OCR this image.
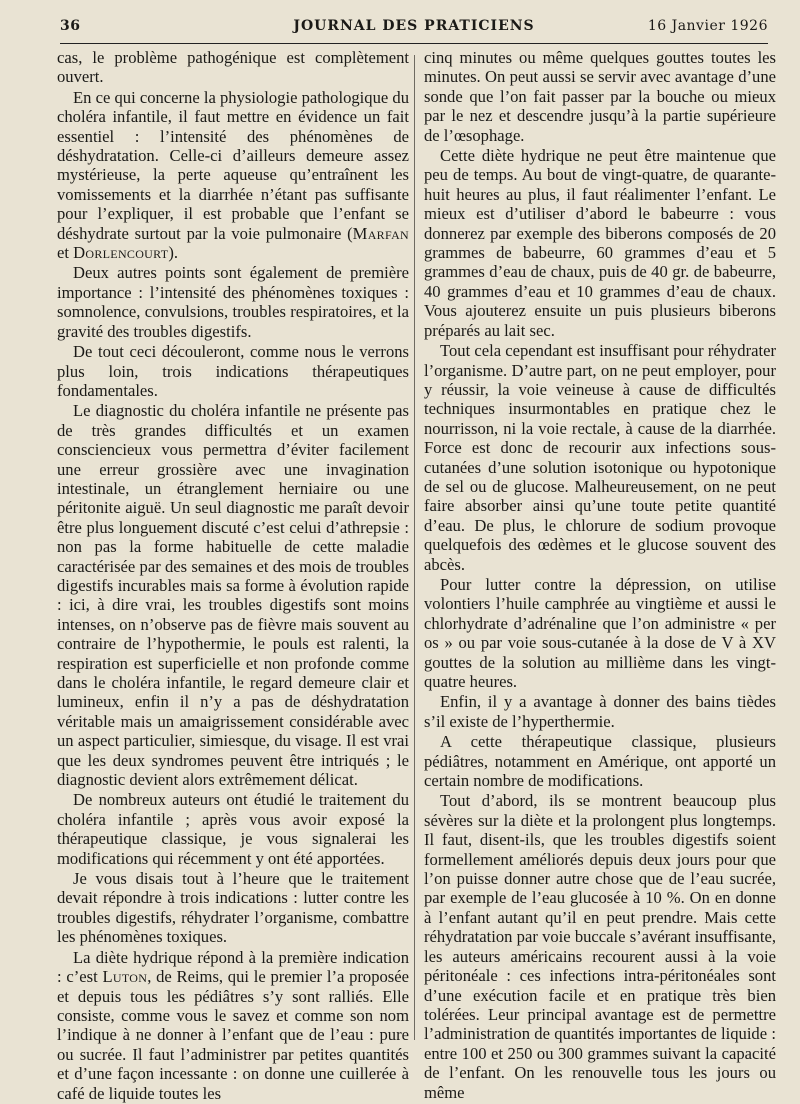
36	JOURNAL DES PRATICIENS	16 Janvier 1926

cas, le problème pathogénique est complètement ouvert.

En ce qui concerne la physiologie pathologique du choléra infantile, il faut mettre en évidence un fait essentiel : l’intensité des phénomènes de déshydratation. Celle-ci d’ailleurs demeure assez mystérieuse, la perte aqueuse qu’entraînent les vomissements et la diarrhée n’étant pas suffisante pour l’expliquer, il est probable que l’enfant se déshydrate surtout par la voie pulmonaire (Marfan et Dorlencourt).

Deux autres points sont également de première importance : l’intensité des phénomènes toxiques : somnolence, convulsions, troubles respiratoires, et la gravité des troubles digestifs.

De tout ceci découleront, comme nous le verrons plus loin, trois indications thérapeutiques fondamentales.

Le diagnostic du choléra infantile ne présente pas de très grandes difficultés et un examen consciencieux vous permettra d’éviter facilement une erreur grossière avec une invagination intestinale, un étranglement herniaire ou une péritonite aiguë. Un seul diagnostic me paraît devoir être plus longuement discuté c’est celui d’athrepsie : non pas la forme habituelle de cette maladie caractérisée par des semaines et des mois de troubles digestifs incurables mais sa forme à évolution rapide : ici, à dire vrai, les troubles digestifs sont moins intenses, on n’observe pas de fièvre mais souvent au contraire de l’hypothermie, le pouls est ralenti, la respiration est superficielle et non profonde comme dans le choléra infantile, le regard demeure clair et lumineux, enfin il n’y a pas de déshydratation véritable mais un amaigrissement considérable avec un aspect particulier, simiesque, du visage. Il est vrai que les deux syndromes peuvent être intriqués ; le diagnostic devient alors extrêmement délicat.

De nombreux auteurs ont étudié le traitement du choléra infantile ; après vous avoir exposé la thérapeutique classique, je vous signalerai les modifications qui récemment y ont été apportées.

Je vous disais tout à l’heure que le traitement devait répondre à trois indications : lutter contre les troubles digestifs, réhydrater l’organisme, combattre les phénomènes toxiques.

La diète hydrique répond à la première indication : c’est Luton, de Reims, qui le premier l’a proposée et depuis tous les pédiâtres s’y sont ralliés. Elle consiste, comme vous le savez et comme son nom l’indique à ne donner à l’enfant que de l’eau : pure ou sucrée. Il faut l’administrer par petites quantités et d’une façon incessante : on donne une cuillerée à café de liquide toutes les

cinq minutes ou même quelques gouttes toutes les minutes. On peut aussi se servir avec avantage d’une sonde que l’on fait passer par la bouche ou mieux par le nez et descendre jusqu’à la partie supérieure de l’œsophage.

Cette diète hydrique ne peut être maintenue que peu de temps. Au bout de vingt-quatre, de quarante-huit heures au plus, il faut réalimenter l’enfant. Le mieux est d’utiliser d’abord le babeurre : vous donnerez par exemple des biberons composés de 20 grammes de babeurre, 60 grammes d’eau et 5 grammes d’eau de chaux, puis de 40 gr. de babeurre, 40 grammes d’eau et 10 grammes d’eau de chaux. Vous ajouterez ensuite un puis plusieurs biberons préparés au lait sec.

Tout cela cependant est insuffisant pour réhydrater l’organisme. D’autre part, on ne peut employer, pour y réussir, la voie veineuse à cause de difficultés techniques insurmontables en pratique chez le nourrisson, ni la voie rectale, à cause de la diarrhée. Force est donc de recourir aux infections sous-cutanées d’une solution isotonique ou hypotonique de sel ou de glucose. Malheureusement, on ne peut faire absorber ainsi qu’une toute petite quantité d’eau. De plus, le chlorure de sodium provoque quelquefois des œdèmes et le glucose souvent des abcès.

Pour lutter contre la dépression, on utilise volontiers l’huile camphrée au vingtième et aussi le chlorhydrate d’adrénaline que l’on administre « per os » ou par voie sous-cutanée à la dose de V à XV gouttes de la solution au millième dans les vingt-quatre heures.

Enfin, il y a avantage à donner des bains tièdes s’il existe de l’hyperthermie.

A cette thérapeutique classique, plusieurs pédiâtres, notamment en Amérique, ont apporté un certain nombre de modifications.

Tout d’abord, ils se montrent beaucoup plus sévères sur la diète et la prolongent plus longtemps. Il faut, disent-ils, que les troubles digestifs soient formellement améliorés depuis deux jours pour que l’on puisse donner autre chose que de l’eau sucrée, par exemple de l’eau glucosée à 10 %. On en donne à l’enfant autant qu’il en peut prendre. Mais cette réhydratation par voie buccale s’avérant insuffisante, les auteurs américains recourent aussi à la voie péritonéale : ces infections intra-péritonéales sont d’une exécution facile et en pratique très bien tolérées. Leur principal avantage est de permettre l’administration de quantités importantes de liquide : entre 100 et 250 ou 300 grammes suivant la capacité de l’enfant. On les renouvelle tous les jours ou même
